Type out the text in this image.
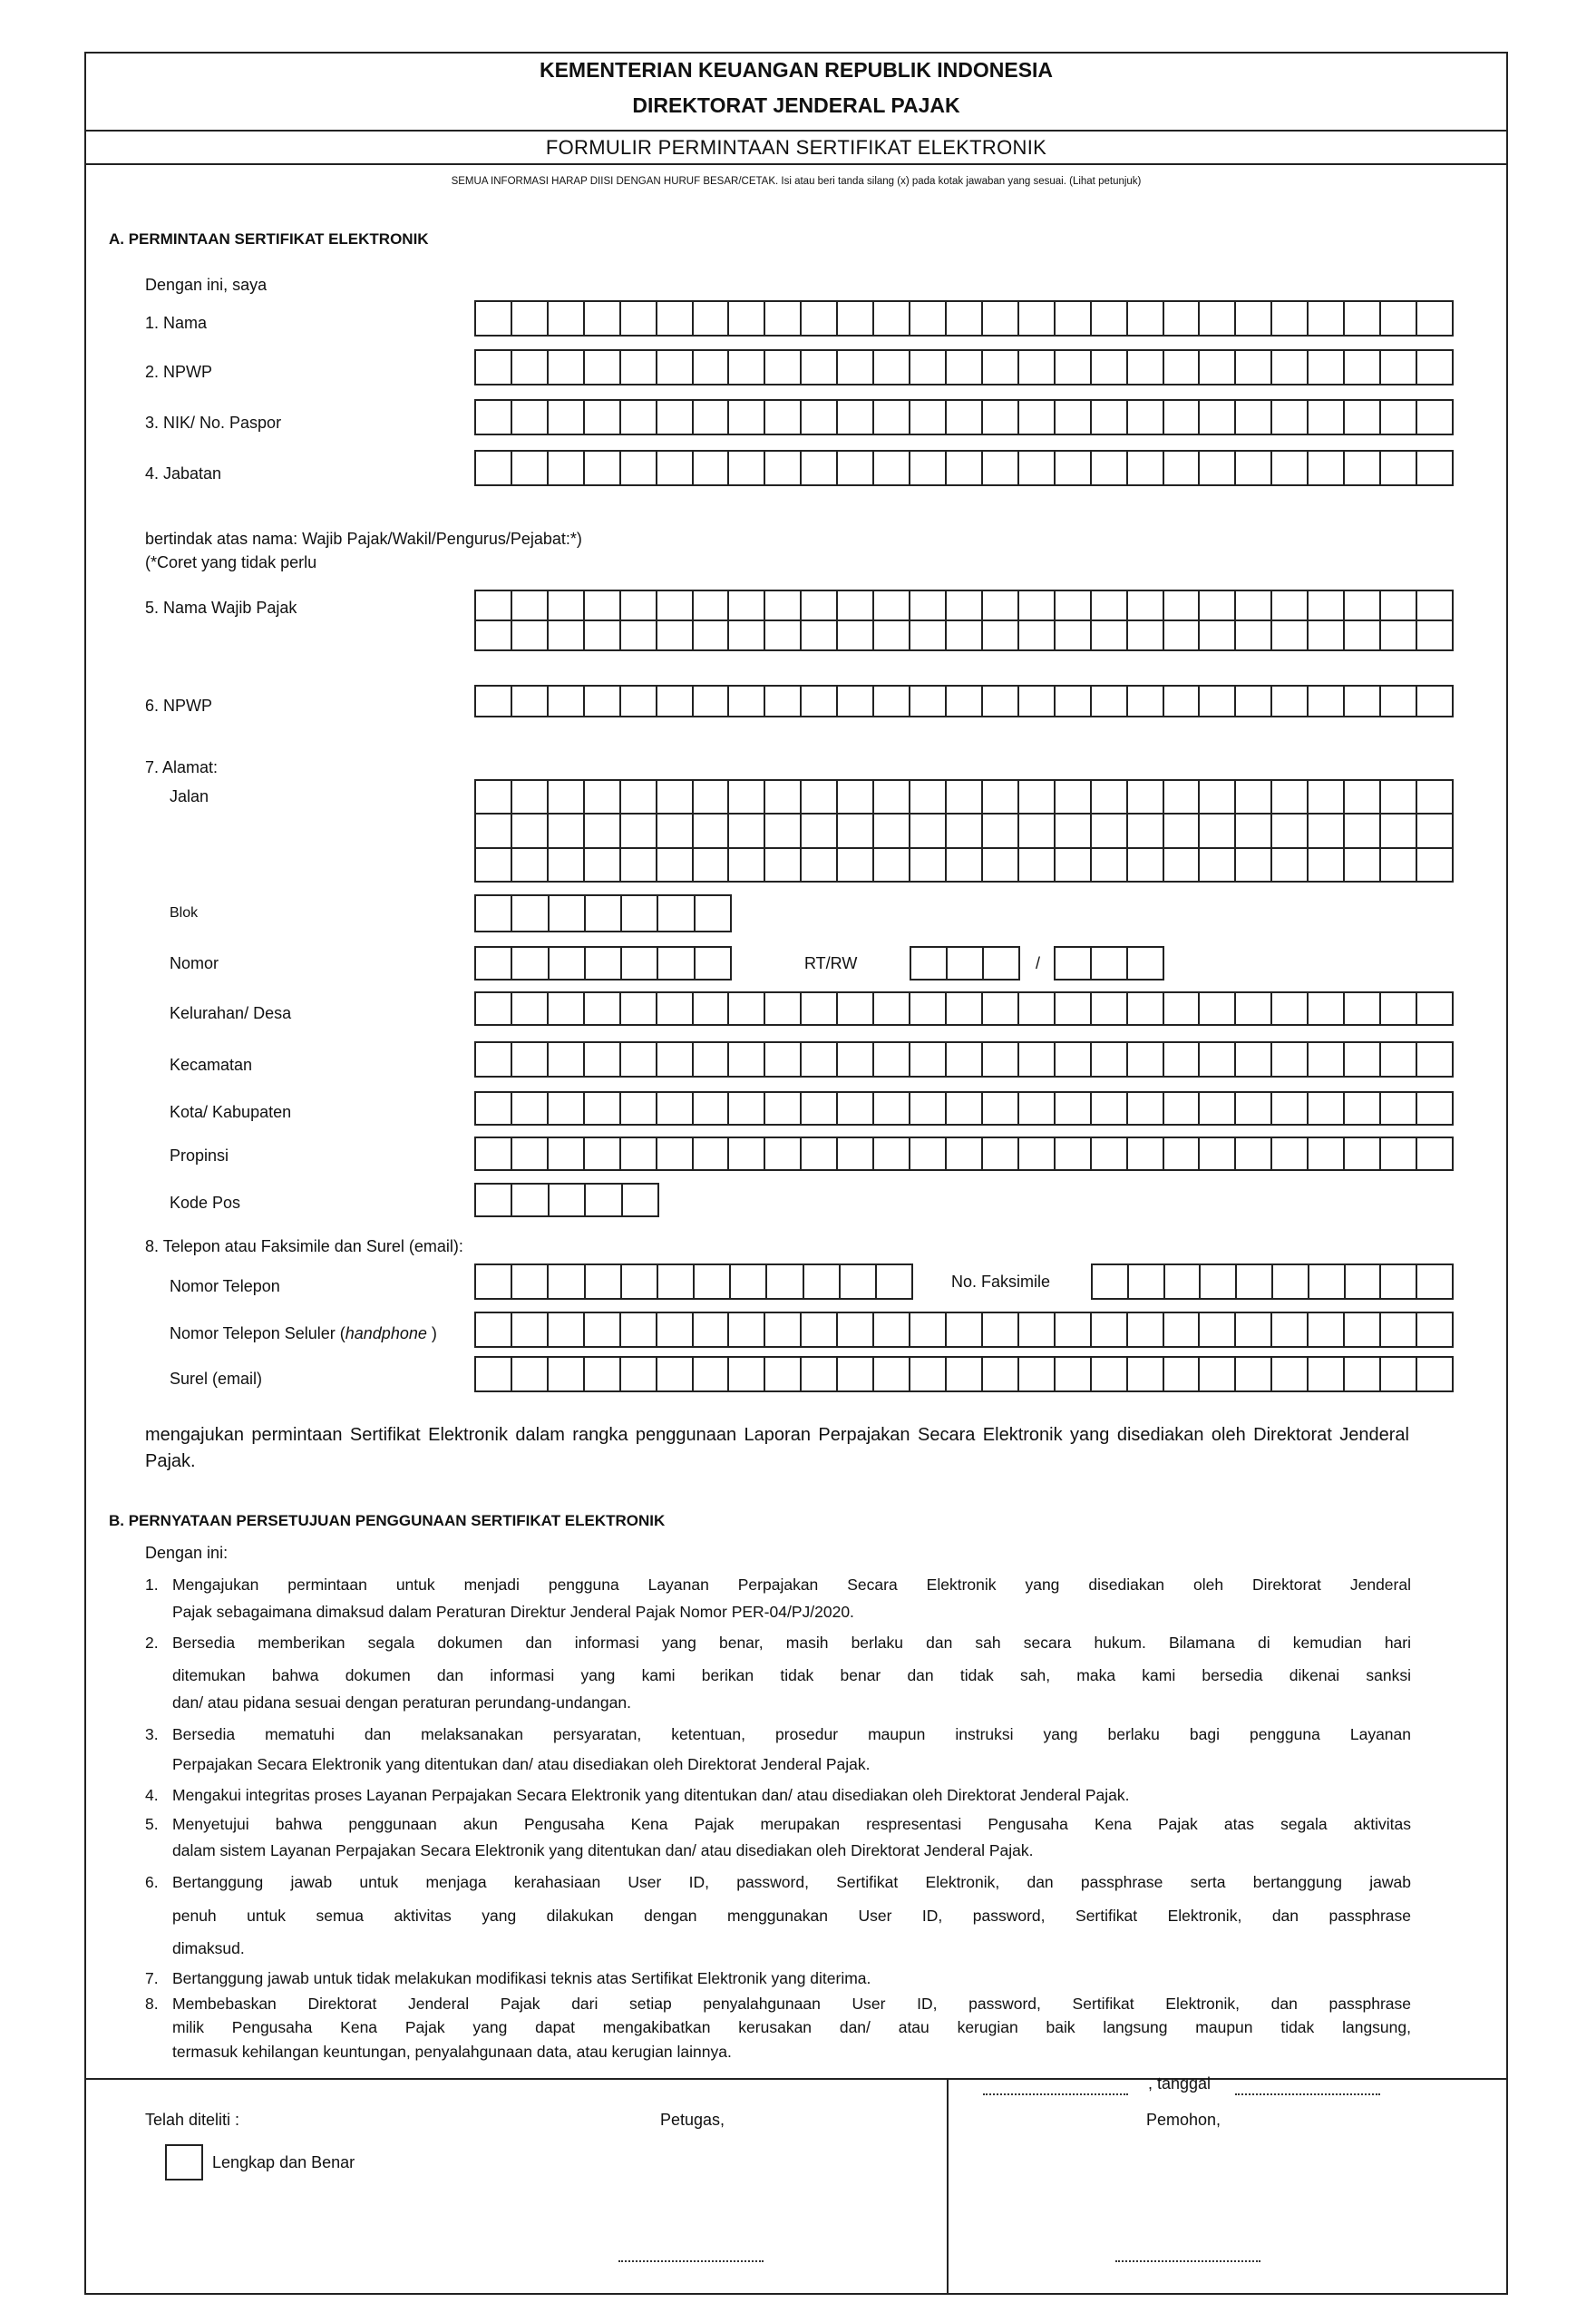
KEMENTERIAN KEUANGAN REPUBLIK INDONESIA
DIREKTORAT JENDERAL PAJAK
FORMULIR PERMINTAAN SERTIFIKAT ELEKTRONIK
SEMUA INFORMASI HARAP DIISI DENGAN HURUF BESAR/CETAK. Isi atau beri tanda silang (x) pada kotak jawaban yang sesuai. (Lihat petunjuk)
A. PERMINTAAN SERTIFIKAT ELEKTRONIK
Dengan ini, saya
1. Nama
2. NPWP
3. NIK/ No. Paspor
4. Jabatan
bertindak atas nama: Wajib Pajak/Wakil/Pengurus/Pejabat:*)
(*Coret yang tidak perlu
5. Nama Wajib Pajak
6. NPWP
7. Alamat:
Jalan
Blok
Nomor	RT/RW	/
Kelurahan/ Desa
Kecamatan
Kota/ Kabupaten
Propinsi
Kode Pos
8. Telepon atau Faksimile dan Surel (email):
Nomor Telepon	No. Faksimile
Nomor Telepon Seluler (handphone )
Surel (email)
mengajukan permintaan Sertifikat Elektronik dalam rangka penggunaan Laporan Perpajakan Secara Elektronik yang disediakan oleh Direktorat Jenderal Pajak.
B. PERNYATAAN PERSETUJUAN PENGGUNAAN SERTIFIKAT ELEKTRONIK
Dengan ini:
1. Mengajukan permintaan untuk menjadi pengguna Layanan Perpajakan Secara Elektronik yang disediakan oleh Direktorat Jenderal
Pajak sebagaimana dimaksud dalam Peraturan Direktur Jenderal Pajak Nomor PER-04/PJ/2020.
2. Bersedia memberikan segala dokumen dan informasi yang benar, masih berlaku dan sah secara hukum. Bilamana di kemudian hari
ditemukan bahwa dokumen dan informasi yang kami berikan tidak benar dan tidak sah, maka kami bersedia dikenai sanksi
dan/ atau pidana sesuai dengan peraturan perundang-undangan.
3. Bersedia mematuhi dan melaksanakan persyaratan, ketentuan, prosedur maupun instruksi yang berlaku bagi pengguna Layanan
Perpajakan Secara Elektronik yang ditentukan dan/ atau disediakan oleh Direktorat Jenderal Pajak.
4. Mengakui integritas proses Layanan Perpajakan Secara Elektronik yang ditentukan dan/ atau disediakan oleh Direktorat Jenderal Pajak.
5. Menyetujui bahwa penggunaan akun Pengusaha Kena Pajak merupakan respresentasi Pengusaha Kena Pajak atas segala aktivitas
dalam sistem Layanan Perpajakan Secara Elektronik yang ditentukan dan/ atau disediakan oleh Direktorat Jenderal Pajak.
6. Bertanggung jawab untuk menjaga kerahasiaan User ID, password, Sertifikat Elektronik, dan passphrase serta bertanggung jawab
penuh untuk semua aktivitas yang dilakukan dengan menggunakan User ID, password, Sertifikat Elektronik, dan passphrase
dimaksud.
7. Bertanggung jawab untuk tidak melakukan modifikasi teknis atas Sertifikat Elektronik yang diterima.
8. Membebaskan Direktorat Jenderal Pajak dari setiap penyalahgunaan User ID, password, Sertifikat Elektronik, dan passphrase
milik Pengusaha Kena Pajak yang dapat mengakibatkan kerusakan dan/ atau kerugian baik langsung maupun tidak langsung,
termasuk kehilangan keuntungan, penyalahgunaan data, atau kerugian lainnya.
, tanggal
Telah diteliti :	Petugas,	Pemohon,
Lengkap dan Benar
